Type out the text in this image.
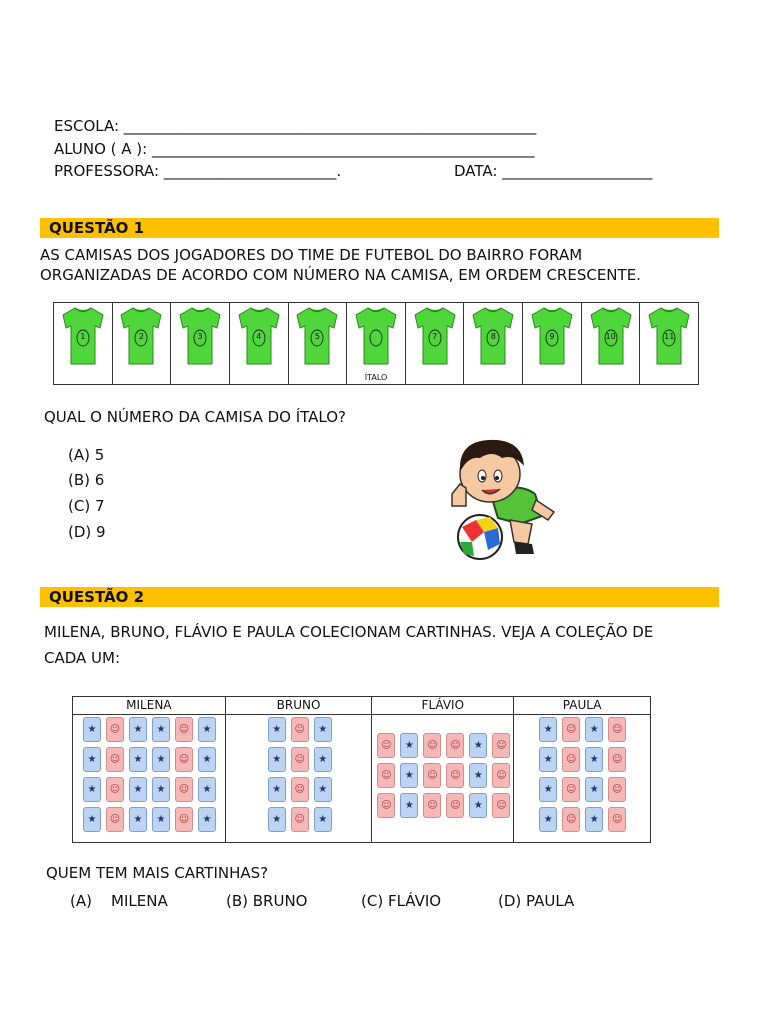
ESCOLA: _______________________________________________________
ALUNO ( A ): ___________________________________________________
PROFESSORA: _______________________.	DATA: ____________________
QUESTÃO 1
AS CAMISAS DOS JOGADORES DO TIME DE FUTEBOL DO BAIRRO FORAM
ORGANIZADAS DE ACORDO COM NÚMERO NA CAMISA, EM ORDEM CRESCENTE.
1	2	3	4	5
ÍTALO
7	8	9	10	11
QUAL O NÚMERO DA CAMISA DO ÍTALO?
(A) 5
(B) 6
(C) 7
(D) 9
QUESTÃO 2
MILENA, BRUNO, FLÁVIO E PAULA COLECIONAM CARTINHAS. VEJA A COLEÇÃO DE
CADA UM:
MILENA
★ ☺ ★ ★ ☺ ★
★ ☺ ★ ★ ☺ ★
★ ☺ ★ ★ ☺ ★
★ ☺ ★ ★ ☺ ★
BRUNO
★ ☺ ★
★ ☺ ★
★ ☺ ★
★ ☺ ★
FLÁVIO
☺ ★ ☺ ☺ ★ ☺
☺ ★ ☺ ☺ ★ ☺
☺ ★ ☺ ☺ ★ ☺
PAULA
★ ☺ ★ ☺
★ ☺ ★ ☺
★ ☺ ★ ☺
★ ☺ ★ ☺
QUEM TEM MAIS CARTINHAS?
(A)    MILENA	(B) BRUNO	(C) FLÁVIO	(D) PAULA
